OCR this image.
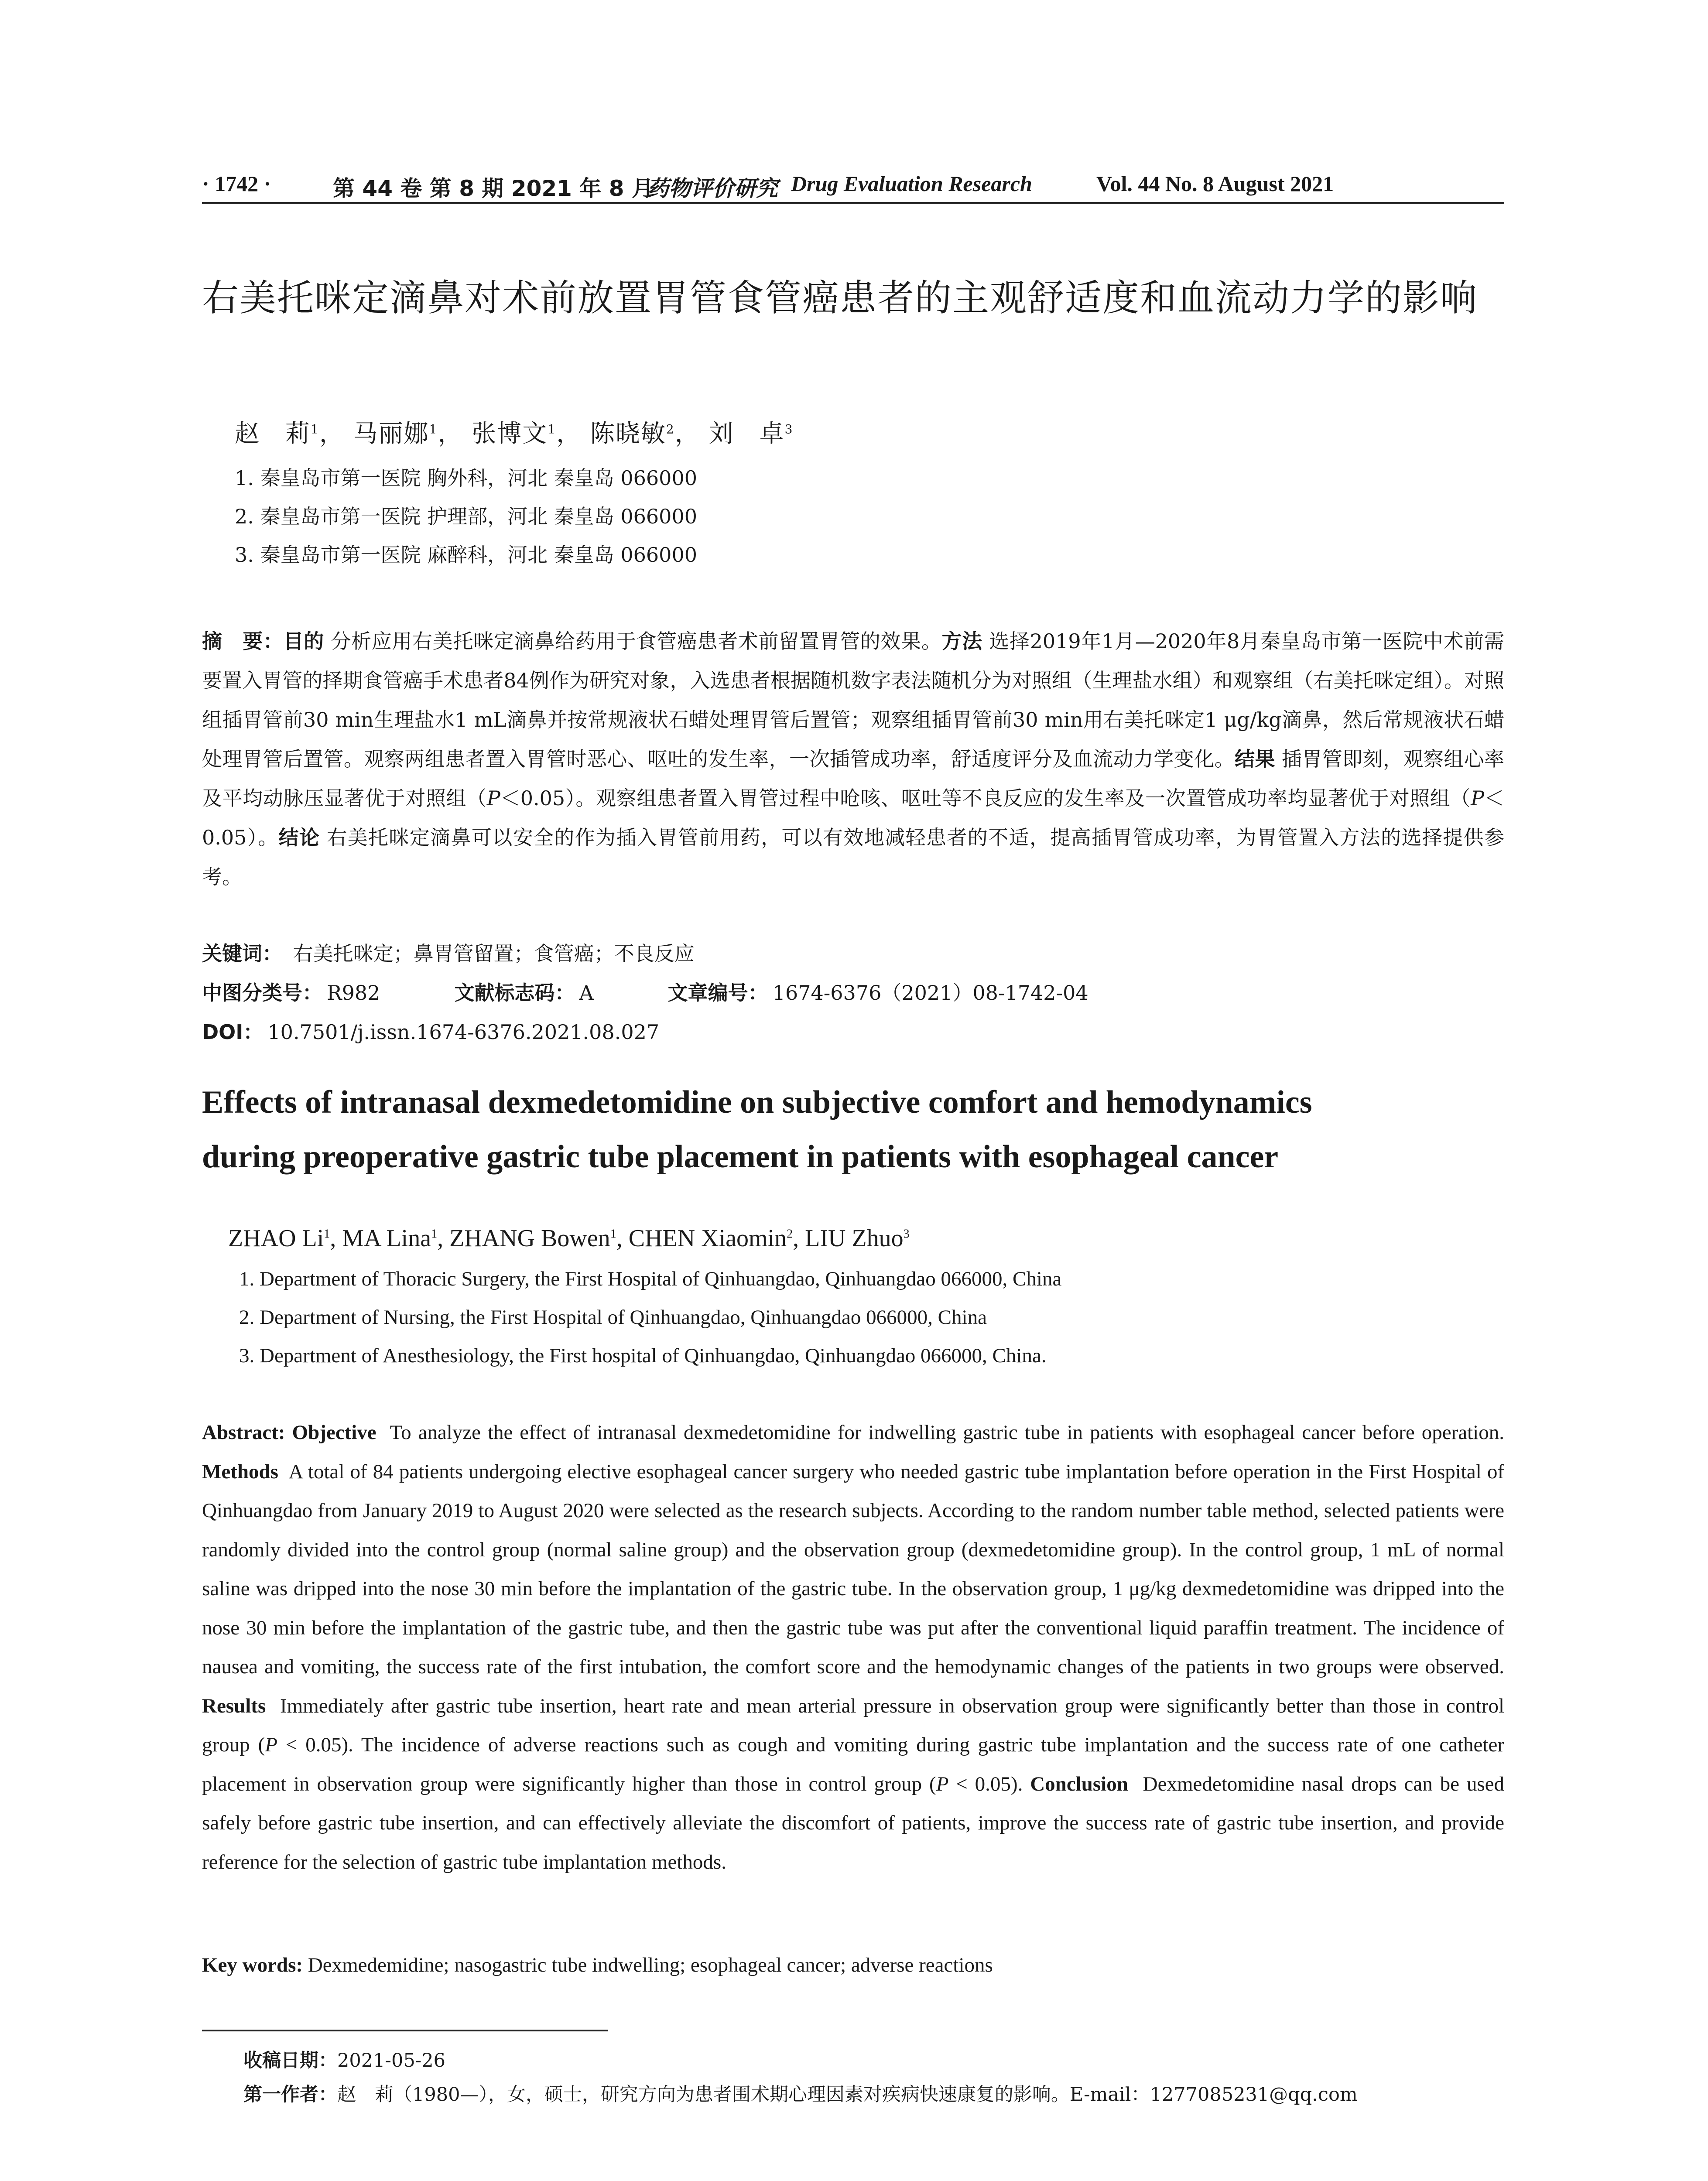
· 1742 ·	第 44 卷 第 8 期 2021 年 8 月
药物评价研究 Drug Evaluation Research	Vol. 44 No. 8 August 2021
右美托咪定滴鼻对术前放置胃管食管癌患者的主观舒适度和血流动力学的影响
赵　莉$^1$， 马丽娜$^1$， 张博文$^1$， 陈晓敏$^2$， 刘　卓$^3$
1. 秦皇岛市第一医院 胸外科，河北 秦皇岛 066000
2. 秦皇岛市第一医院 护理部，河北 秦皇岛 066000
3. 秦皇岛市第一医院 麻醉科，河北 秦皇岛 066000
摘　要：目的 分析应用右美托咪定滴鼻给药用于食管癌患者术前留置胃管的效果。方法 选择2019年1月—2020年8月秦皇岛市第一医院中术前需要置入胃管的择期食管癌手术患者84例作为研究对象，入选患者根据随机数字表法随机分为对照组（生理盐水组）和观察组（右美托咪定组）。对照组插胃管前30 min生理盐水1 mL滴鼻并按常规液状石蜡处理胃管后置管；观察组插胃管前30 min用右美托咪定1 μg/kg滴鼻，然后常规液状石蜡处理胃管后置管。观察两组患者置入胃管时恶心、呕吐的发生率，一次插管成功率，舒适度评分及血流动力学变化。结果 插胃管即刻，观察组心率及平均动脉压显著优于对照组（P＜0.05）。观察组患者置入胃管过程中呛咳、呕吐等不良反应的发生率及一次置管成功率均显著优于对照组（P＜0.05）。结论 右美托咪定滴鼻可以安全的作为插入胃管前用药，可以有效地减轻患者的不适，提高插胃管成功率，为胃管置入方法的选择提供参考。
关键词： 右美托咪定；鼻胃管留置；食管癌；不良反应
中图分类号： R982	文献标志码： A	文章编号： 1674-6376（2021）08-1742-04
DOI： 10.7501/j.issn.1674-6376.2021.08.027
Effects of intranasal dexmedetomidine on subjective comfort and hemodynamics
during preoperative gastric tube placement in patients with esophageal cancer
ZHAO Li$^1$, MA Lina$^1$, ZHANG Bowen$^1$, CHEN Xiaomin$^2$, LIU Zhuo$^3$
1. Department of Thoracic Surgery, the First Hospital of Qinhuangdao, Qinhuangdao 066000, China
2. Department of Nursing, the First Hospital of Qinhuangdao, Qinhuangdao 066000, China
3. Department of Anesthesiology, the First hospital of Qinhuangdao, Qinhuangdao 066000, China.
Abstract: Objective To analyze the effect of intranasal dexmedetomidine for indwelling gastric tube in patients with esophageal cancer before operation. Methods A total of 84 patients undergoing elective esophageal cancer surgery who needed gastric tube implantation before operation in the First Hospital of Qinhuangdao from January 2019 to August 2020 were selected as the research subjects. According to the random number table method, selected patients were randomly divided into the control group (normal saline group) and the observation group (dexmedetomidine group). In the control group, 1 mL of normal saline was dripped into the nose 30 min before the implantation of the gastric tube. In the observation group, 1 μg/kg dexmedetomidine was dripped into the nose 30 min before the implantation of the gastric tube, and then the gastric tube was put after the conventional liquid paraffin treatment. The incidence of nausea and vomiting, the success rate of the first intubation, the comfort score and the hemodynamic changes of the patients in two groups were observed. Results Immediately after gastric tube insertion, heart rate and mean arterial pressure in observation group were significantly better than those in control group (P < 0.05). The incidence of adverse reactions such as cough and vomiting during gastric tube implantation and the success rate of one catheter placement in observation group were significantly higher than those in control group (P < 0.05). Conclusion Dexmedetomidine nasal drops can be used safely before gastric tube insertion, and can effectively alleviate the discomfort of patients, improve the success rate of gastric tube insertion, and provide reference for the selection of gastric tube implantation methods.
Key words: Dexmedemidine; nasogastric tube indwelling; esophageal cancer; adverse reactions
收稿日期：2021-05-26
第一作者：赵　莉（1980—），女，硕士，研究方向为患者围术期心理因素对疾病快速康复的影响。E-mail：1277085231@qq.com
